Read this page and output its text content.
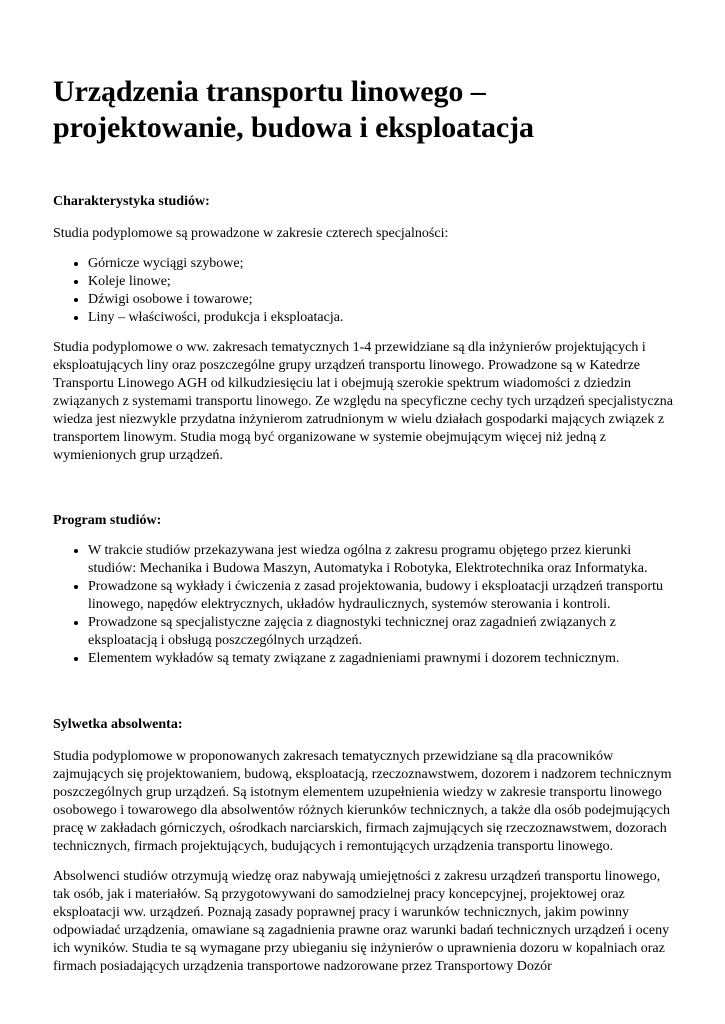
Urządzenia transportu linowego – projektowanie, budowa i eksploatacja
Charakterystyka studiów:

Studia podyplomowe są prowadzone w zakresie czterech specjalności:

• Górnicze wyciągi szybowe;
• Koleje linowe;
• Dźwigi osobowe i towarowe;
• Liny – właściwości, produkcja i eksploatacja.

Studia podyplomowe o ww. zakresach tematycznych 1-4 przewidziane są dla inżynierów projektujących i eksploatujących liny oraz poszczególne grupy urządzeń transportu linowego. Prowadzone są w Katedrze Transportu Linowego AGH od kilkudziesięciu lat i obejmują szerokie spektrum wiadomości z dziedzin związanych z systemami transportu linowego. Ze względu na specyficzne cechy tych urządzeń specjalistyczna wiedza jest niezwykle przydatna inżynierom zatrudnionym w wielu działach gospodarki mających związek z transportem linowym. Studia mogą być organizowane w systemie obejmującym więcej niż jedną z wymienionych grup urządzeń.

Program studiów:
• W trakcie studiów przekazywana jest wiedza ogólna z zakresu programu objętego przez kierunki studiów: Mechanika i Budowa Maszyn, Automatyka i Robotyka, Elektrotechnika oraz Informatyka.
• Prowadzone są wykłady i ćwiczenia z zasad projektowania, budowy i eksploatacji urządzeń transportu linowego, napędów elektrycznych, układów hydraulicznych, systemów sterowania i kontroli.
• Prowadzone są specjalistyczne zajęcia z diagnostyki technicznej oraz zagadnień związanych z eksploatacją i obsługą poszczególnych urządzeń.
• Elementem wykładów są tematy związane z zagadnieniami prawnymi i dozorem technicznym.
Sylwetka absolwenta:

Studia podyplomowe w proponowanych zakresach tematycznych przewidziane są dla pracowników zajmujących się projektowaniem, budową, eksploatacją, rzeczoznawstwem, dozorem i nadzorem technicznym poszczególnych grup urządzeń. Są istotnym elementem uzupełnienia wiedzy w zakresie transportu linowego osobowego i towarowego dla absolwentów różnych kierunków technicznych, a także dla osób podejmujących pracę w zakładach górniczych, ośrodkach narciarskich, firmach zajmujących się rzeczoznawstwem, dozorach technicznych, firmach projektujących, budujących i remontujących urządzenia transportu linowego.

Absolwenci studiów otrzymują wiedzę oraz nabywają umiejętności z zakresu urządzeń transportu linowego, tak osób, jak i materiałów. Są przygotowywani do samodzielnej pracy koncepcyjnej, projektowej oraz eksploatacji ww. urządzeń. Poznają zasady poprawnej pracy i warunków technicznych, jakim powinny odpowiadać urządzenia, omawiane są zagadnienia prawne oraz warunki badań technicznych urządzeń i oceny ich wyników. Studia te są wymagane przy ubieganiu się inżynierów o uprawnienia dozoru w kopalniach oraz firmach posiadających urządzenia transportowe nadzorowane przez Transportowy Dozór
